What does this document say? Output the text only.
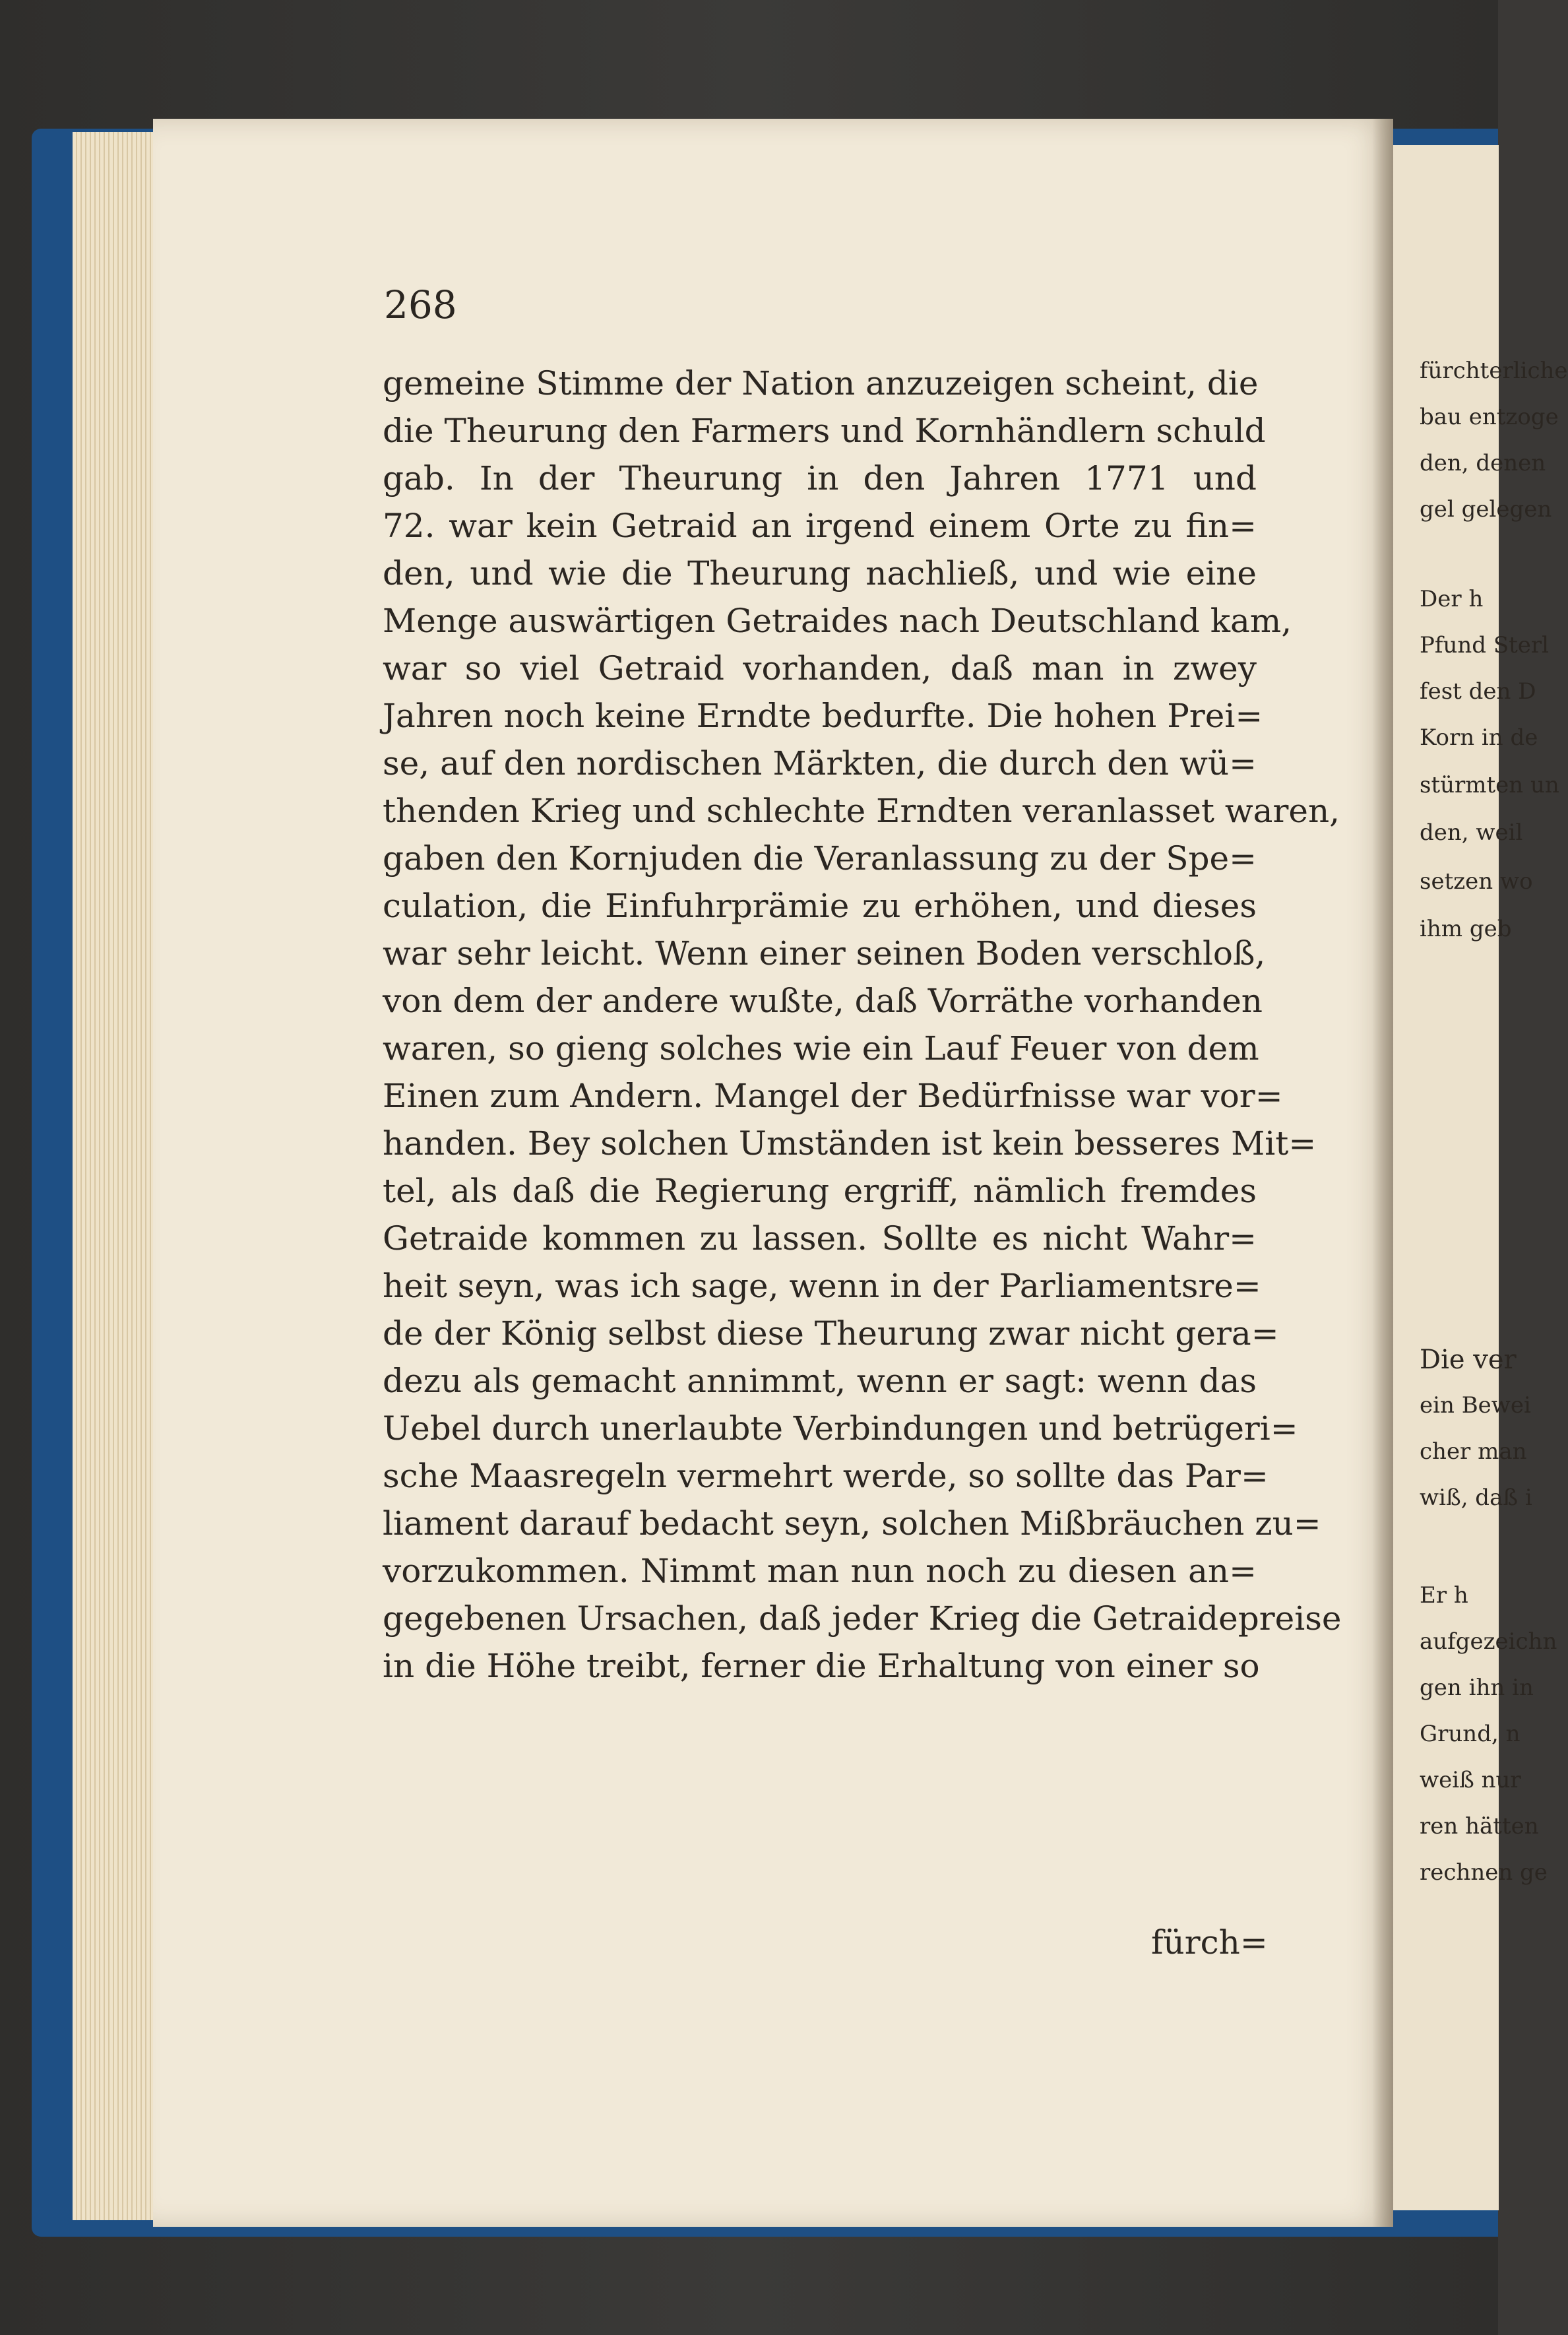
268
gemeine Stimme der Nation anzuzeigen scheint, die
die Theurung den Farmers und Kornhändlern schuld
gab. In der Theurung in den Jahren 1771 und
72. war kein Getraid an irgend einem Orte zu fin=
den, und wie die Theurung nachließ, und wie eine
Menge auswärtigen Getraides nach Deutschland kam,
war so viel Getraid vorhanden, daß man in zwey
Jahren noch keine Erndte bedurfte. Die hohen Prei=
se, auf den nordischen Märkten, die durch den wü=
thenden Krieg und schlechte Erndten veranlasset waren,
gaben den Kornjuden die Veranlassung zu der Spe=
culation, die Einfuhrprämie zu erhöhen, und dieses
war sehr leicht. Wenn einer seinen Boden verschloß,
von dem der andere wußte, daß Vorräthe vorhanden
waren, so gieng solches wie ein Lauf Feuer von dem
Einen zum Andern. Mangel der Bedürfnisse war vor=
handen. Bey solchen Umständen ist kein besseres Mit=
tel, als daß die Regierung ergriff, nämlich fremdes
Getraide kommen zu lassen. Sollte es nicht Wahr=
heit seyn, was ich sage, wenn in der Parliamentsre=
de der König selbst diese Theurung zwar nicht gera=
dezu als gemacht annimmt, wenn er sagt: wenn das
Uebel durch unerlaubte Verbindungen und betrügeri=
sche Maasregeln vermehrt werde, so sollte das Par=
liament darauf bedacht seyn, solchen Mißbräuchen zu=
vorzukommen. Nimmt man nun noch zu diesen an=
gegebenen Ursachen, daß jeder Krieg die Getraidepreise
in die Höhe treibt, ferner die Erhaltung von einer so
fürch=
fürchterliche
bau entzoge
den, denen
gel gelegen
Der h
Pfund Sterl
fest den D
Korn in de
stürmten un
den, weil
setzen wo
ihm geb
Die ver
ein Bewei
cher man
wiß, daß i
Er h
aufgezeichn
gen ihn in
Grund, n
weiß nur
ren hätten
rechnen ge
